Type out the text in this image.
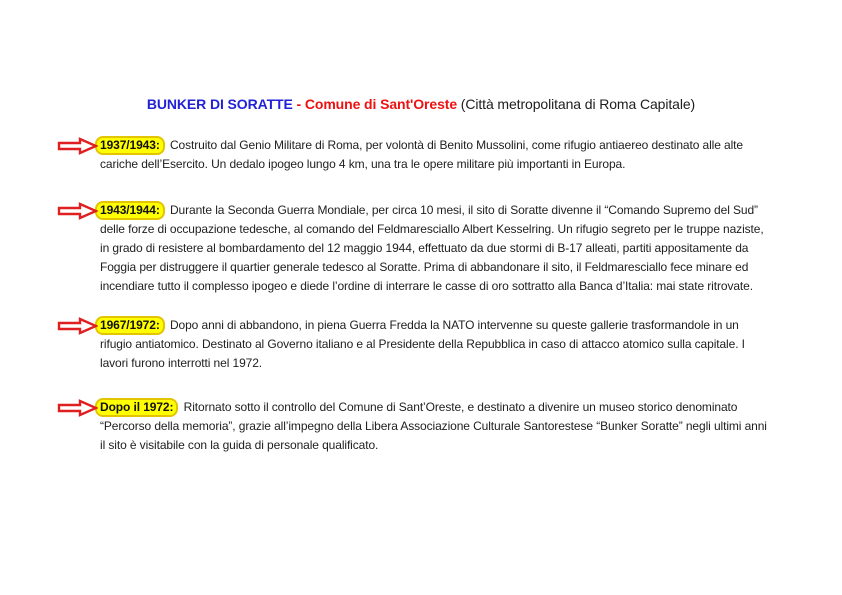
BUNKER DI SORATTE - Comune di Sant'Oreste (Città metropolitana di Roma Capitale)
1937/1943: Costruito dal Genio Militare di Roma, per volontà di Benito Mussolini, come rifugio antiaereo destinato alle alte cariche dell’Esercito. Un dedalo ipogeo lungo 4 km, una tra le opere militare più importanti in Europa.
1943/1944: Durante la Seconda Guerra Mondiale, per circa 10 mesi, il sito di Soratte divenne il “Comando Supremo del Sud” delle forze di occupazione tedesche, al comando del Feldmaresciallo Albert Kesselring. Un rifugio segreto per le truppe naziste, in grado di resistere al bombardamento del 12 maggio 1944, effettuato da due stormi di B-17 alleati, partiti appositamente da Foggia per distruggere il quartier generale tedesco al Soratte. Prima di abbandonare il sito, il Feldmaresciallo fece minare ed incendiare tutto il complesso ipogeo e diede l’ordine di interrare le casse di oro sottratto alla Banca d’Italia: mai state ritrovate.
1967/1972: Dopo anni di abbandono, in piena Guerra Fredda la NATO intervenne su queste gallerie trasformandole in un rifugio antiatomico. Destinato al Governo italiano e al Presidente della Repubblica in caso di attacco atomico sulla capitale. I lavori furono interrotti nel 1972.
Dopo il 1972: Ritornato sotto il controllo del Comune di Sant’Oreste, e destinato a divenire un museo storico denominato “Percorso della memoria”, grazie all’impegno della Libera Associazione Culturale Santorestese “Bunker Soratte” negli ultimi anni il sito è visitabile con la guida di personale qualificato.
